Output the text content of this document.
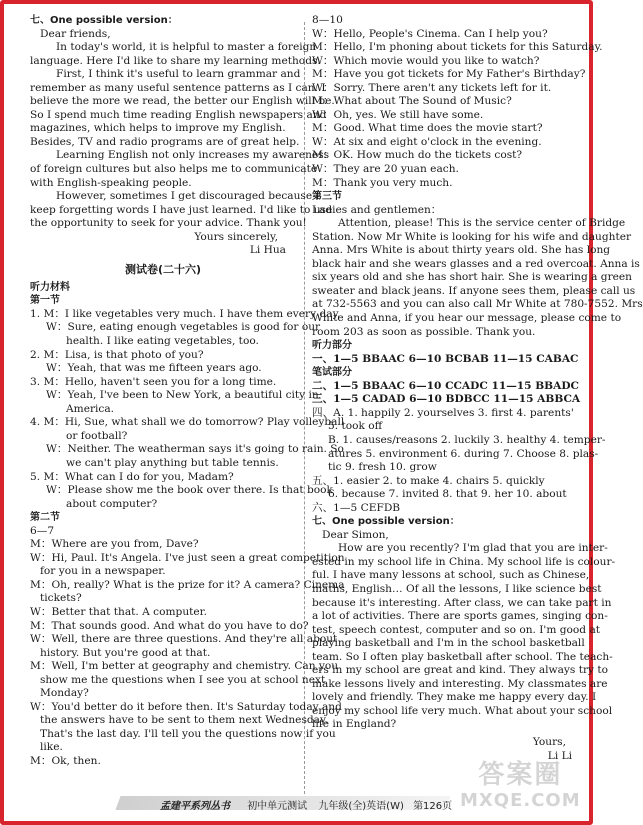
七、One possible version：
Dear friends,
In today's world, it is helpful to master a foreign
language. Here I'd like to share my learning methods.
First, I think it's useful to learn grammar and
remember as many useful sentence patterns as I can. I
believe the more we read, the better our English will be.
So I spend much time reading English newspapers and
magazines, which helps to improve my English.
Besides, TV and radio programs are of great help.
Learning English not only increases my awareness
of foreign cultures but also helps me to communicate
with English-speaking people.
However, sometimes I get discouraged because I
keep forgetting words I have just learned. I'd like to use
the opportunity to seek for your advice. Thank you!
Yours sincerely,
Li Hua
测试卷(二十六)
听力材料
第一节
1. M：I like vegetables very much. I have them every day.
W：Sure, eating enough vegetables is good for our
health. I like eating vegetables, too.
2. M：Lisa, is that photo of you?
W：Yeah, that was me fifteen years ago.
3. M：Hello, haven't seen you for a long time.
W：Yeah, I've been to New York, a beautiful city in
America.
4. M：Hi, Sue, what shall we do tomorrow? Play volleyball
or football?
W：Neither. The weatherman says it's going to rain. So
we can't play anything but table tennis.
5. M：What can I do for you, Madam?
W：Please show me the book over there. Is that book
about computer?
第二节
6—7
M：Where are you from, Dave?
W：Hi, Paul. It's Angela. I've just seen a great competition
for you in a newspaper.
M：Oh, really? What is the prize for it? A camera? Cinema
tickets?
W：Better that that. A computer.
M：That sounds good. And what do you have to do?
W：Well, there are three questions. And they're all about
history. But you're good at that.
M：Well, I'm better at geography and chemistry. Can you
show me the questions when I see you at school next
Monday?
W：You'd better do it before then. It's Saturday today and
the answers have to be sent to them next Wednesday.
That's the last day. I'll tell you the questions now if you
like.
M：Ok, then.
8—10
W：Hello, People's Cinema. Can I help you?
M：Hello, I'm phoning about tickets for this Saturday.
W：Which movie would you like to watch?
M：Have you got tickets for My Father's Birthday?
W：Sorry. There aren't any tickets left for it.
M：What about The Sound of Music?
W：Oh, yes. We still have some.
M：Good. What time does the movie start?
W：At six and eight o'clock in the evening.
M：OK. How much do the tickets cost?
W：They are 20 yuan each.
M：Thank you very much.
第三节
Ladies and gentlemen：
Attention, please! This is the service center of Bridge
Station. Now Mr White is looking for his wife and daughter
Anna. Mrs White is about thirty years old. She has long
black hair and she wears glasses and a red overcoat. Anna is
six years old and she has short hair. She is wearing a green
sweater and black jeans. If anyone sees them, please call us
at 732-5563 and you can also call Mr White at 780-7552. Mrs
White and Anna, if you hear our message, please come to
room 203 as soon as possible. Thank you.
听力部分
一、1—5 BBAAC 6—10 BCBAB 11—15 CABAC
笔试部分
二、1—5 BBAAC 6—10 CCADC 11—15 BBADC
三、1—5 CADAD 6—10 BDBCC 11—15 ABBCA
四、A. 1. happily 2. yourselves 3. first 4. parents'
5. took off
B. 1. causes/reasons 2. luckily 3. healthy 4. temper-
atures 5. environment 6. during 7. Choose 8. plas-
tic 9. fresh 10. grow
五、1. easier 2. to make 4. chairs 5. quickly
6. because 7. invited 8. that 9. her 10. about
六、1—5 CEFDB
七、One possible version：
Dear Simon,
How are you recently? I'm glad that you are inter-
ested in my school life in China. My school life is colour-
ful. I have many lessons at school, such as Chinese,
maths, English… Of all the lessons, I like science best
because it's interesting. After class, we can take part in
a lot of activities. There are sports games, singing con-
test, speech contest, computer and so on. I'm good at
playing basketball and I'm in the school basketball
team. So I often play basketball after school. The teach-
ers in my school are great and kind. They always try to
make lessons lively and interesting. My classmates are
lovely and friendly. They make me happy every day. I
enjoy my school life very much. What about your school
life in England?
Yours,
Li Li
孟建平系列丛书 初中单元测试 九年级(全)英语(W) 第126页
答案圈
MXQE.COM
